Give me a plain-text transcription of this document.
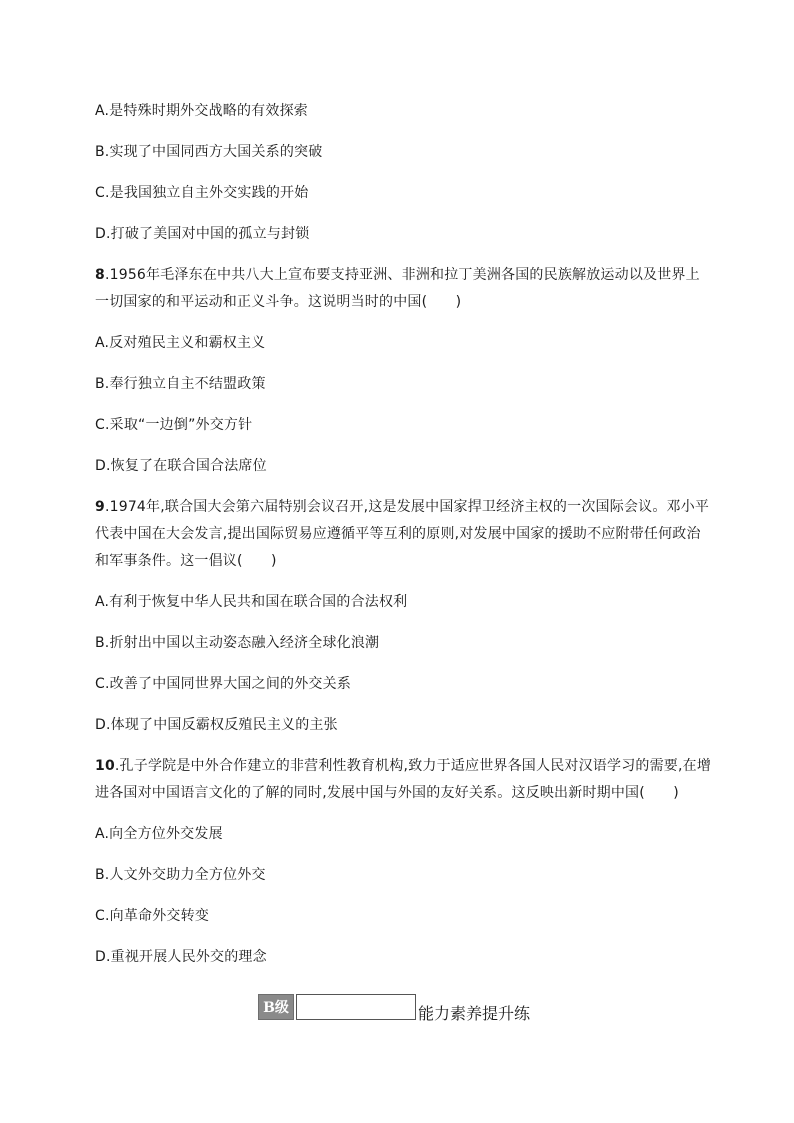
A.是特殊时期外交战略的有效探索
B.实现了中国同西方大国关系的突破
C.是我国独立自主外交实践的开始
D.打破了美国对中国的孤立与封锁
8.1956年毛泽东在中共八大上宣布要支持亚洲、非洲和拉丁美洲各国的民族解放运动以及世界上
一切国家的和平运动和正义斗争。这说明当时的中国(　　)
A.反对殖民主义和霸权主义
B.奉行独立自主不结盟政策
C.采取“一边倒”外交方针
D.恢复了在联合国合法席位
9.1974年,联合国大会第六届特别会议召开,这是发展中国家捍卫经济主权的一次国际会议。邓小平
代表中国在大会发言,提出国际贸易应遵循平等互利的原则,对发展中国家的援助不应附带任何政治
和军事条件。这一倡议(　　)
A.有利于恢复中华人民共和国在联合国的合法权利
B.折射出中国以主动姿态融入经济全球化浪潮
C.改善了中国同世界大国之间的外交关系
D.体现了中国反霸权反殖民主义的主张
10.孔子学院是中外合作建立的非营利性教育机构,致力于适应世界各国人民对汉语学习的需要,在增
进各国对中国语言文化的了解的同时,发展中国与外国的友好关系。这反映出新时期中国(　　)
A.向全方位外交发展
B.人文外交助力全方位外交
C.向革命外交转变
D.重视开展人民外交的理念
B级	能力素养提升练
